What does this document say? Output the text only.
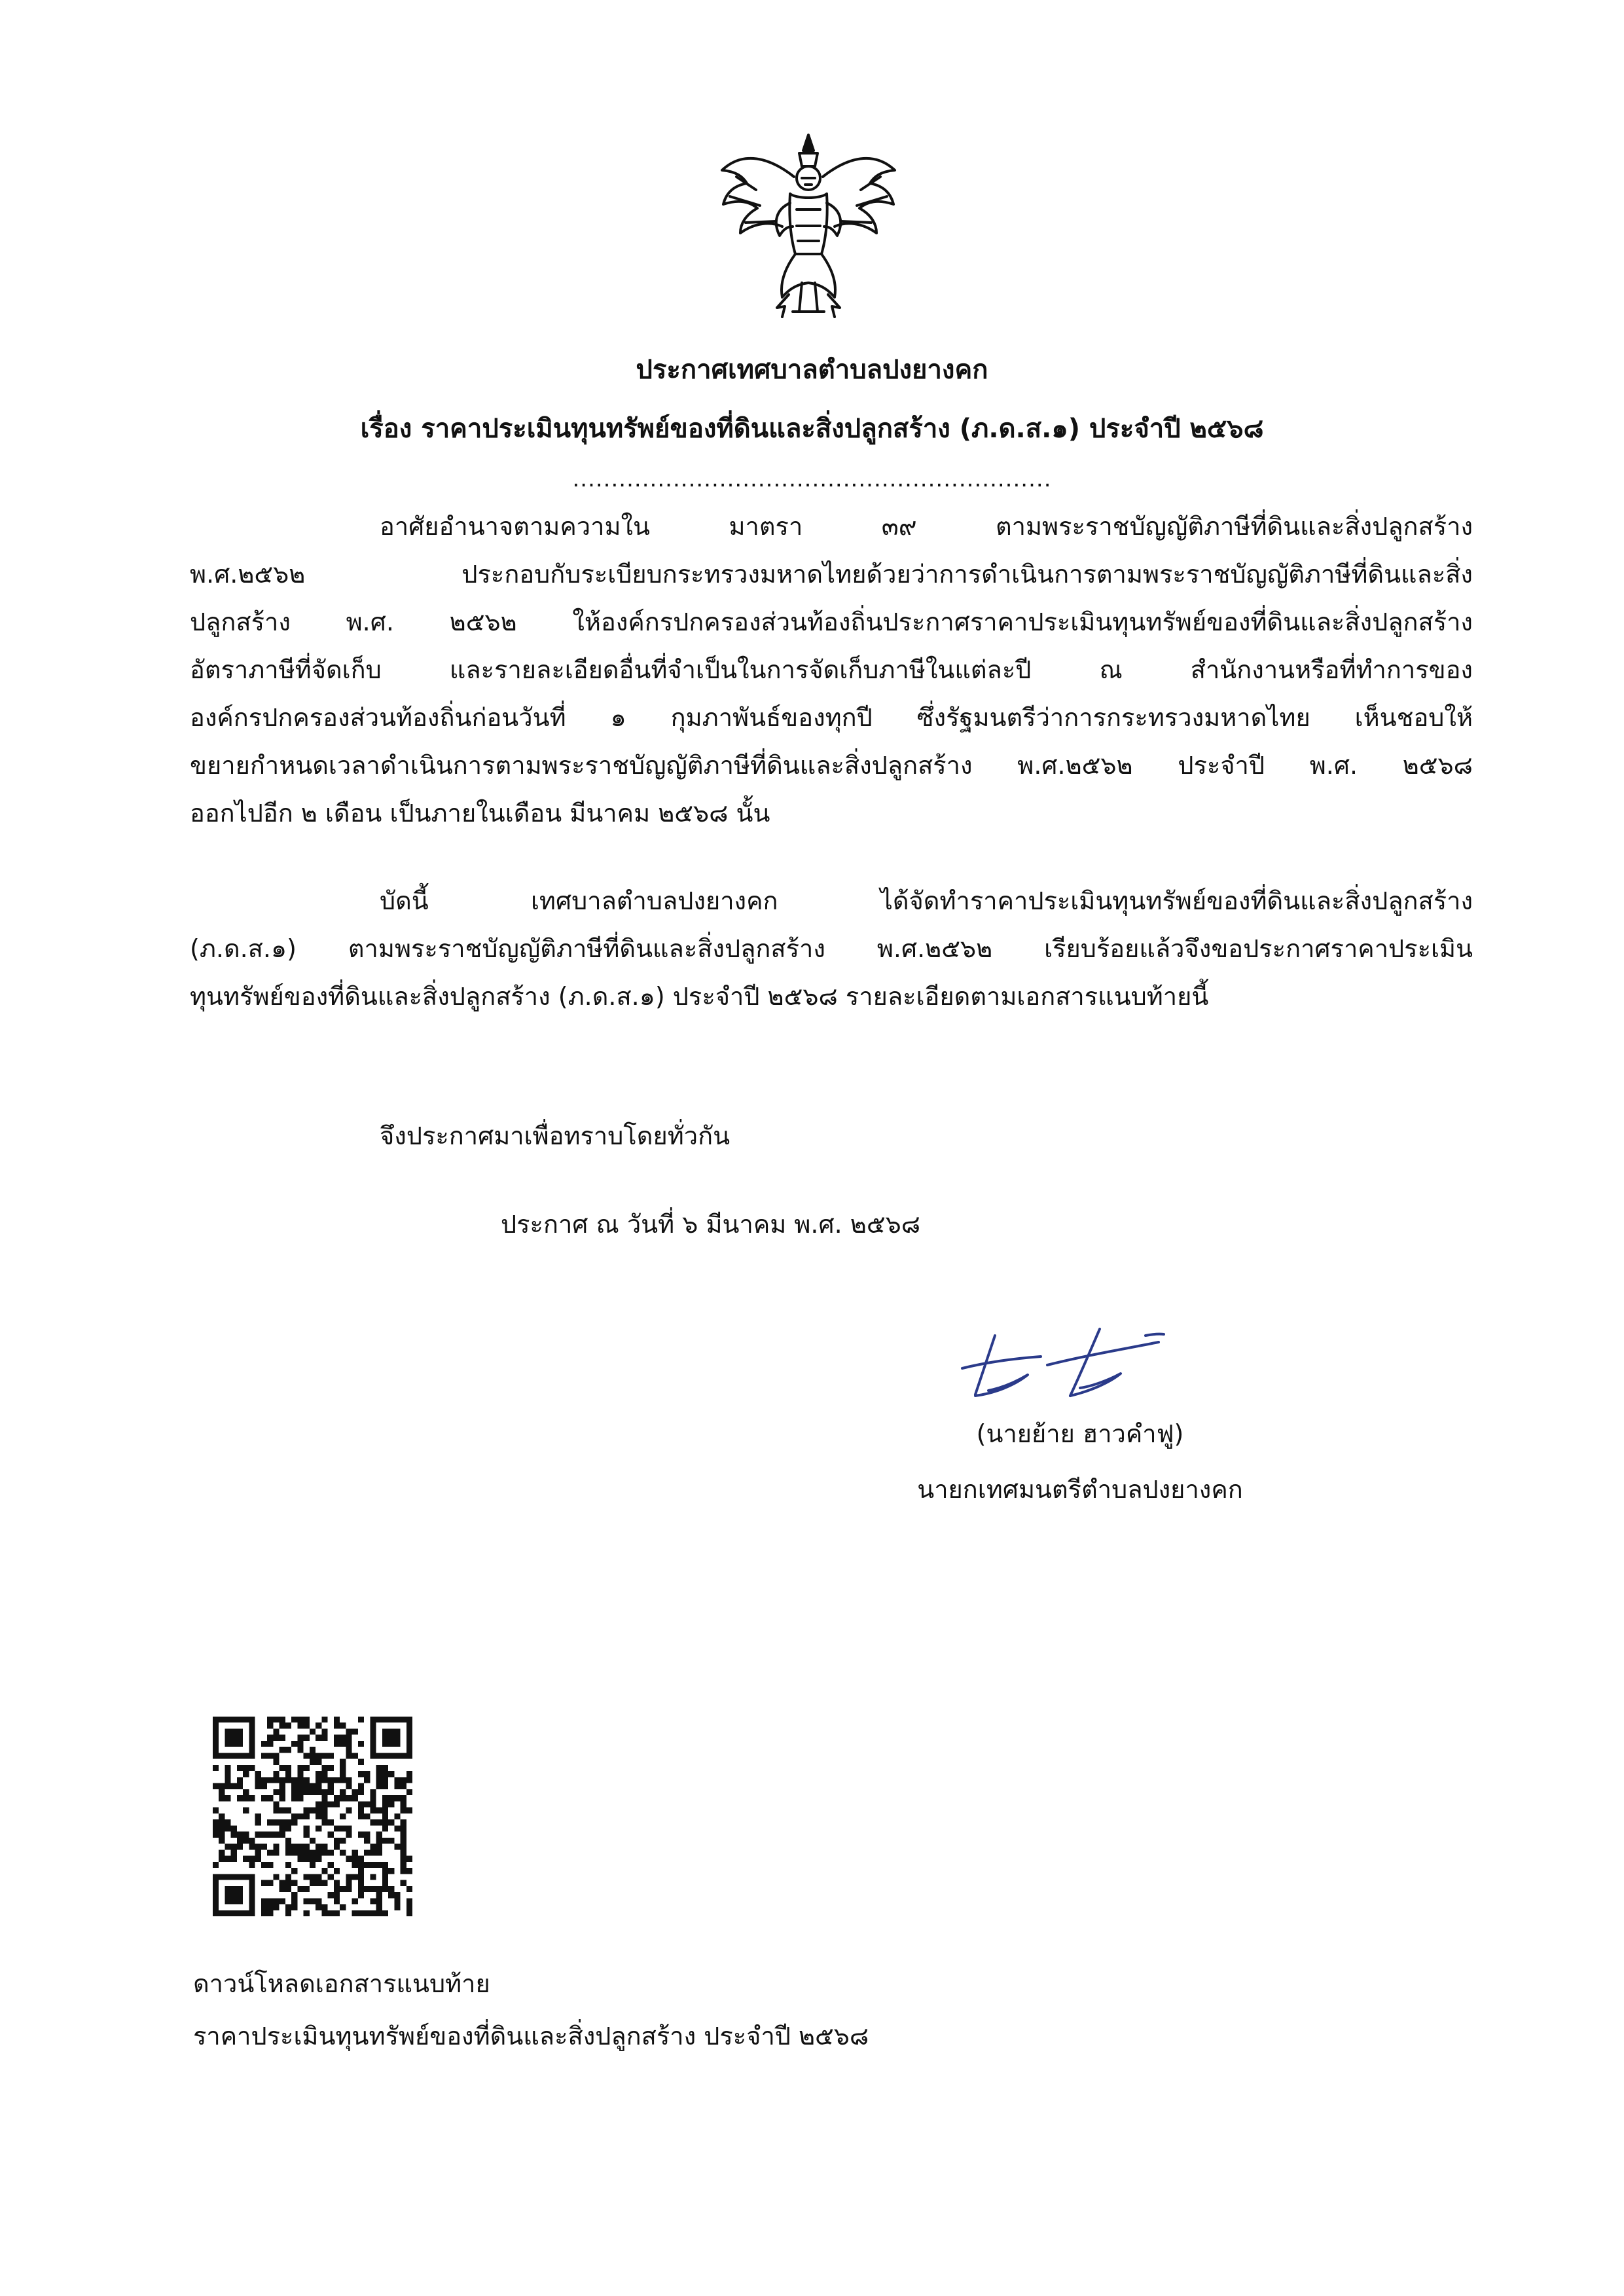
ประกาศเทศบาลตำบลปงยางคก
เรื่อง ราคาประเมินทุนทรัพย์ของที่ดินและสิ่งปลูกสร้าง (ภ.ด.ส.๑) ประจำปี ๒๕๖๘
..............................................................
อาศัยอำนาจตามความใน มาตรา ๓๙ ตามพระราชบัญญัติภาษีที่ดินและสิ่งปลูกสร้าง
พ.ศ.๒๕๖๒ ประกอบกับระเบียบกระทรวงมหาดไทยด้วยว่าการดำเนินการตามพระราชบัญญัติภาษีที่ดินและสิ่ง
ปลูกสร้าง พ.ศ. ๒๕๖๒ ให้องค์กรปกครองส่วนท้องถิ่นประกาศราคาประเมินทุนทรัพย์ของที่ดินและสิ่งปลูกสร้าง
อัตราภาษีที่จัดเก็บ และรายละเอียดอื่นที่จำเป็นในการจัดเก็บภาษีในแต่ละปี ณ สำนักงานหรือที่ทำการของ
องค์กรปกครองส่วนท้องถิ่นก่อนวันที่ ๑ กุมภาพันธ์ของทุกปี ซึ่งรัฐมนตรีว่าการกระทรวงมหาดไทย เห็นชอบให้
ขยายกำหนดเวลาดำเนินการตามพระราชบัญญัติภาษีที่ดินและสิ่งปลูกสร้าง พ.ศ.๒๕๖๒ ประจำปี พ.ศ. ๒๕๖๘
ออกไปอีก ๒ เดือน เป็นภายในเดือน มีนาคม ๒๕๖๘ นั้น
บัดนี้ เทศบาลตำบลปงยางคก ได้จัดทำราคาประเมินทุนทรัพย์ของที่ดินและสิ่งปลูกสร้าง
(ภ.ด.ส.๑) ตามพระราชบัญญัติภาษีที่ดินและสิ่งปลูกสร้าง พ.ศ.๒๕๖๒ เรียบร้อยแล้วจึงขอประกาศราคาประเมิน
ทุนทรัพย์ของที่ดินและสิ่งปลูกสร้าง (ภ.ด.ส.๑) ประจำปี ๒๕๖๘ รายละเอียดตามเอกสารแนบท้ายนี้
จึงประกาศมาเพื่อทราบโดยทั่วกัน
ประกาศ ณ วันที่ ๖ มีนาคม พ.ศ. ๒๕๖๘
(นายย้าย ฮาวคำฟู)
นายกเทศมนตรีตำบลปงยางคก
ดาวน์โหลดเอกสารแนบท้าย
ราคาประเมินทุนทรัพย์ของที่ดินและสิ่งปลูกสร้าง ประจำปี ๒๕๖๘
